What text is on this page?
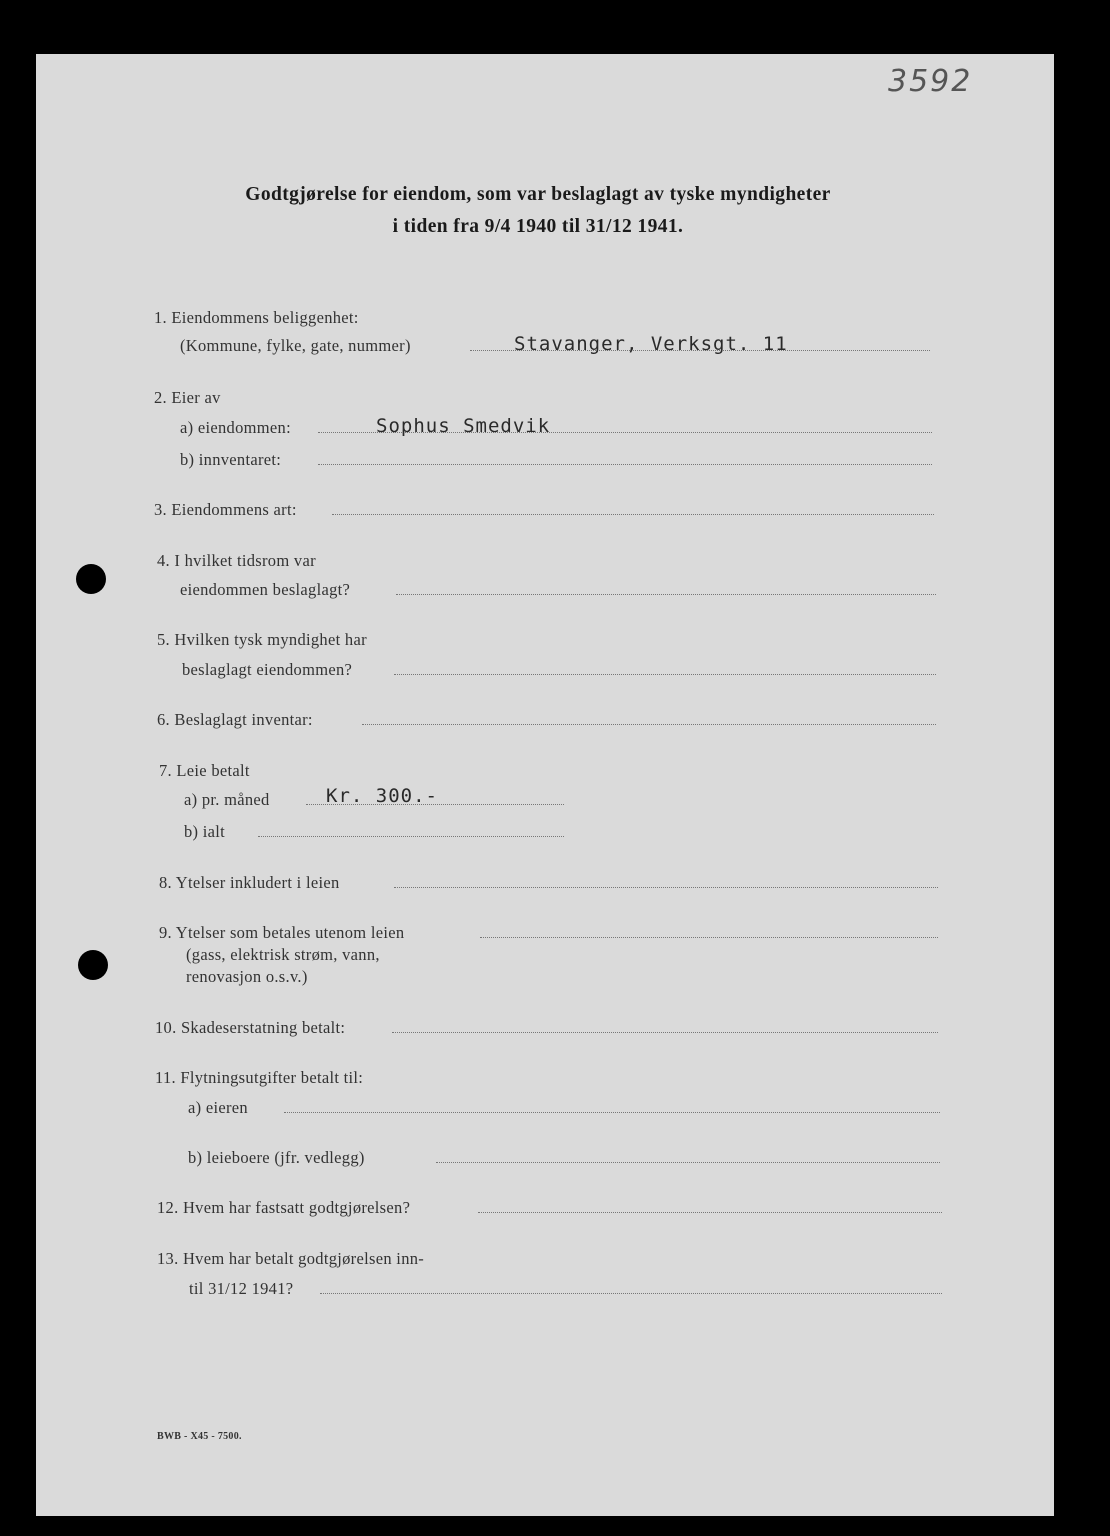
3592
Godtgjørelse for eiendom, som var beslaglagt av tyske myndigheter
i tiden fra 9/4 1940 til 31/12 1941.
1. Eiendommens beliggenhet:
(Kommune, fylke, gate, nummer)	Stavanger, Verksgt. 11
2. Eier av
a) eiendommen:	Sophus Smedvik
b) innventaret:
3. Eiendommens art:
4. I hvilket tidsrom var
eiendommen beslaglagt?
5. Hvilken tysk myndighet har
beslaglagt eiendommen?
6. Beslaglagt inventar:
7. Leie betalt
a) pr. måned	Kr. 300.-
b) ialt
8. Ytelser inkludert i leien
9. Ytelser som betales utenom leien
(gass, elektrisk strøm, vann,
renovasjon o.s.v.)
10. Skadeserstatning betalt:
11. Flytningsutgifter betalt til:
a) eieren
b) leieboere (jfr. vedlegg)
12. Hvem har fastsatt godtgjørelsen?
13. Hvem har betalt godtgjørelsen inn-
til 31/12 1941?
BWB - X45 - 7500.
